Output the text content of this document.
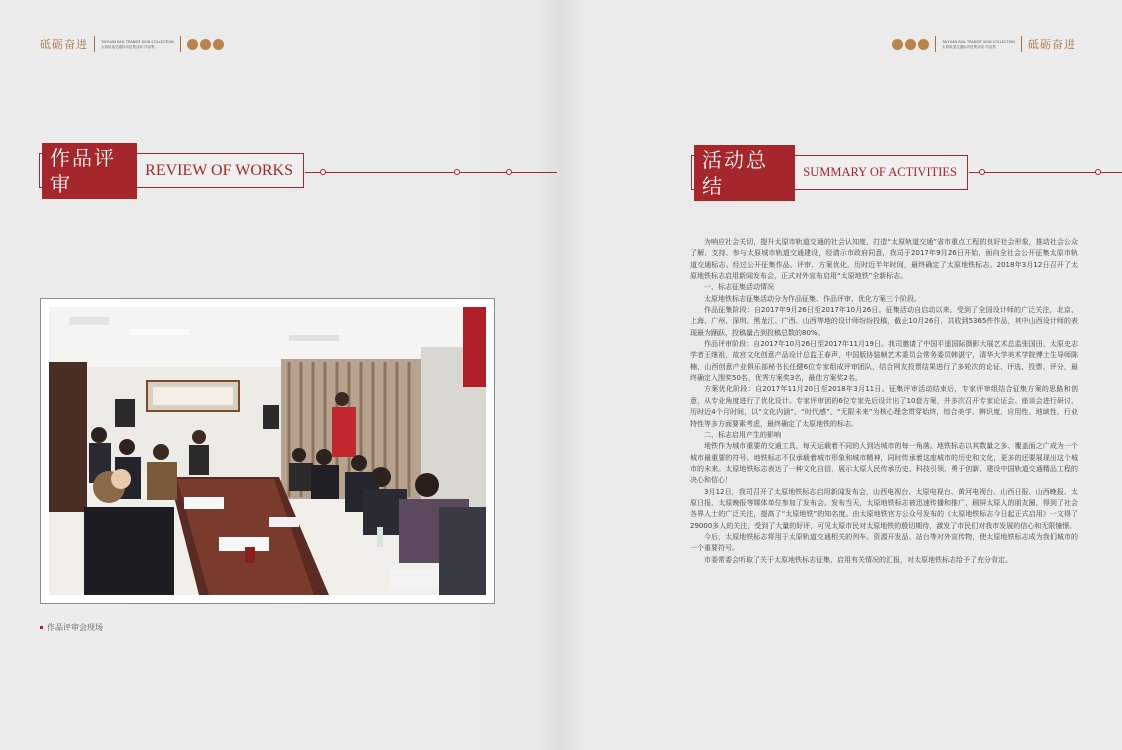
砥砺奋进	TAIYUAN RAIL TRANSIT SIGN COLLECTION
太原轨道交通标识征集活动 作品集	砥砺奋进
TAIYUAN RAIL TRANSIT SIGN COLLECTION
太原轨道交通标识征集活动 作品集
作品评审
REVIEW OF WORKS	活动总结
SUMMARY OF ACTIVITIES
作品评审会现场

为响应社会关切，提升太原市轨道交通的社会认知度，打造“太原轨道交通”省市重点工程的良好社会形象，推动社会公众了解、支持、参与太原城市轨道交通建设，经请示市政府同意，我司于2017年9月26日开始，面向全社会公开征集太原市轨道交通标志。经过公开征集作品、评审、方案优化，历时近半年时间，最终确定了太原地铁标志。2018年3月12日召开了太原地铁标志启用新闻发布会，正式对外宣布启用“太原地铁”全新标志。

一、标志征集活动情况

太原地铁标志征集活动分为作品征集、作品评审、优化方案三个阶段。

作品征集阶段：自2017年9月26日至2017年10月26日。征集活动自启动以来，受到了全国设计师的广泛关注，北京、上海、广州、深圳、黑龙江、广西、山西等地的设计师纷纷投稿，截止10月26日，共收到5365件作品，其中山西设计师的表现最为踊跃，投稿量占到投稿总数的80%。

作品评审阶段：自2017年10月26日至2017年11月19日。我司邀请了中国平遥国际摄影大展艺术总监张国田，太原史志学者王继祖，故宫文化创意产品设计总监王春声，中国版协装帧艺术委员会常务委员韩湛宁，清华大学美术学院博士生导师陈楠，山西创意产业俱乐部秘书长任健6位专家组成评审团队，结合网友投票结果进行了多轮次的论证、评选、投票、评分，最终确定入围奖50名，优秀方案奖3名，最佳方案奖2名。

方案优化阶段：自2017年11月20日至2018年3月11日。征集评审活动结束后，专家评审组结合征集方案的思路和创意，从专业角度进行了优化设计。专家评审团的6位专家先后设计出了10套方案，并多次召开专家论证会、座谈会进行研讨，历时近4个月时间，以“文化内涵”、“时代感”、“无限未来”为核心理念贯穿始终，综合美学、辨识度、应用性、地域性、行业特性等多方面要素考虑，最终确定了太原地铁的标志。

二、标志启用产生的影响

地铁作为城市重要的交通工具，每天运载着不同的人到达城市的每一角落。地铁标志以其数量之多、覆盖面之广成为一个城市最重要的符号。地铁标志不仅承载着城市形象和城市精神，同时传承着这座城市的历史和文化，更多的还要展现出这个城市的未来。太原地铁标志表达了一种文化自信，展示太原人民传承历史、科技引领、勇于创新、建设中国轨道交通精品工程的决心和信心！

3月12日，我司召开了太原地铁标志启用新闻发布会，山西电视台、太原电视台、黄河电视台、山西日报、山西晚报、太原日报、太原晚报等媒体单位参加了发布会。发布当天，太原地铁标志被迅速传播和推广，刷屏太原人的朋友圈，得到了社会各界人士的广泛关注，提高了“太原地铁”的知名度。由太原地铁官方公众号发布的《太原地铁标志今日起正式启用》一文得了29000多人的关注，受到了大量的好评，可见太原市民对太原地铁的殷切期待，激发了市民们对我市发展的信心和无限憧憬。

今后，太原地铁标志将用于太原轨道交通相关的列车、资源开发品、站台等对外宣传物，使太原地铁标志成为我们城市的一个重要符号。

市委常委会听取了关于太原地铁标志征集、启用有关情况的汇报，对太原地铁标志给予了充分肯定。
